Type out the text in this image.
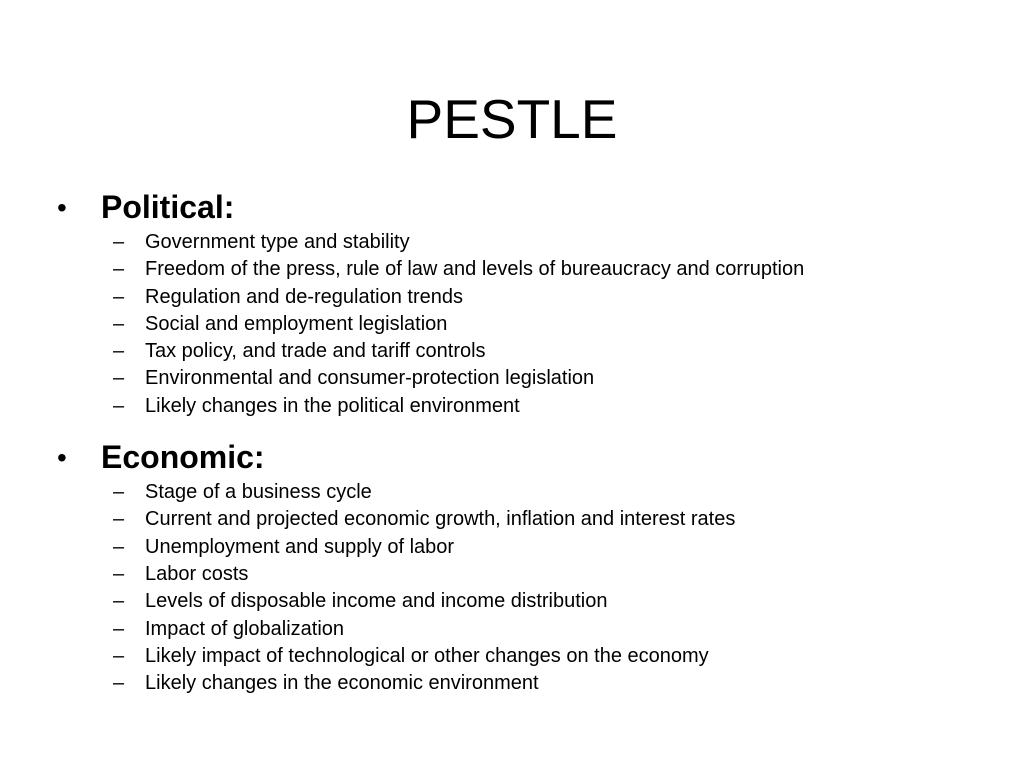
PESTLE
• Political:
– Government type and stability
– Freedom of the press, rule of law and levels of bureaucracy and corruption
– Regulation and de-regulation trends
– Social and employment legislation
– Tax policy, and trade and tariff controls
– Environmental and consumer-protection legislation
– Likely changes in the political environment
• Economic:
– Stage of a business cycle
– Current and projected economic growth, inflation and interest rates
– Unemployment and supply of labor
– Labor costs
– Levels of disposable income and income distribution
– Impact of globalization
– Likely impact of technological or other changes on the economy
– Likely changes in the economic environment
